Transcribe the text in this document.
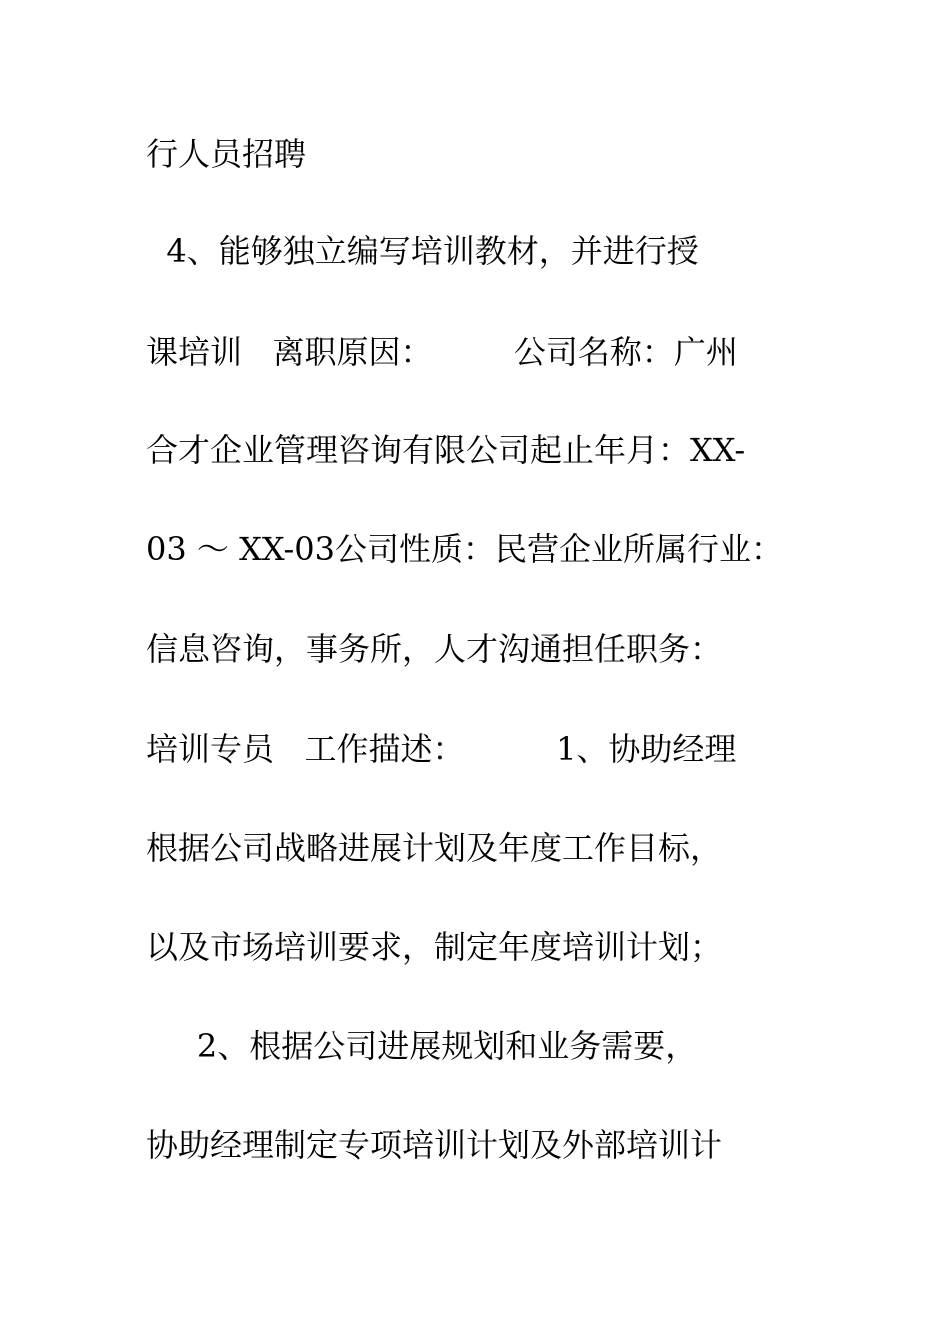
行人员招聘
4、能够独立编写培训教材，并进行授
课培训   离职原因：        公司名称：广州
合才企业管理咨询有限公司起止年月：XX-
03 ～ XX-03公司性质：民营企业所属行业：
信息咨询，事务所，人才沟通担任职务：
培训专员   工作描述：         1、协助经理
根据公司战略进展计划及年度工作目标，
以及市场培训要求，制定年度培训计划；
2、根据公司进展规划和业务需要，
协助经理制定专项培训计划及外部培训计
